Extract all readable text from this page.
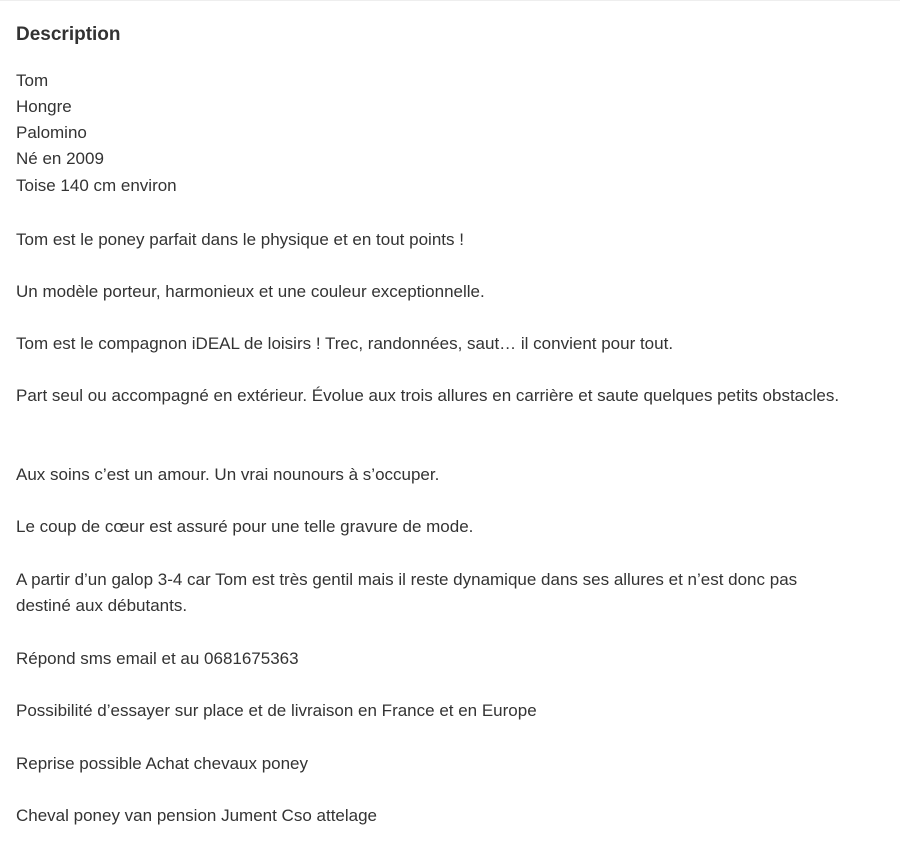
Description

Tom

Hongre

Palomino

Né en 2009

Toise 140 cm environ

Tom est le poney parfait dans le physique et en tout points !

Un modèle porteur, harmonieux et une couleur exceptionnelle.

Tom est le compagnon iDEAL de loisirs ! Trec, randonnées, saut… il convient pour tout.

Part seul ou accompagné en extérieur. Évolue aux trois allures en carrière et saute quelques petits obstacles.

Aux soins c’est un amour. Un vrai nounours à s’occuper.

Le coup de cœur est assuré pour une telle gravure de mode.

A partir d’un galop 3-4 car Tom est très gentil mais il reste dynamique dans ses allures et n’est donc pas destiné aux débutants.

Répond sms email et au 0681675363

Possibilité d’essayer sur place et de livraison en France et en Europe

Reprise possible Achat chevaux poney

Cheval poney van pension Jument Cso attelage
